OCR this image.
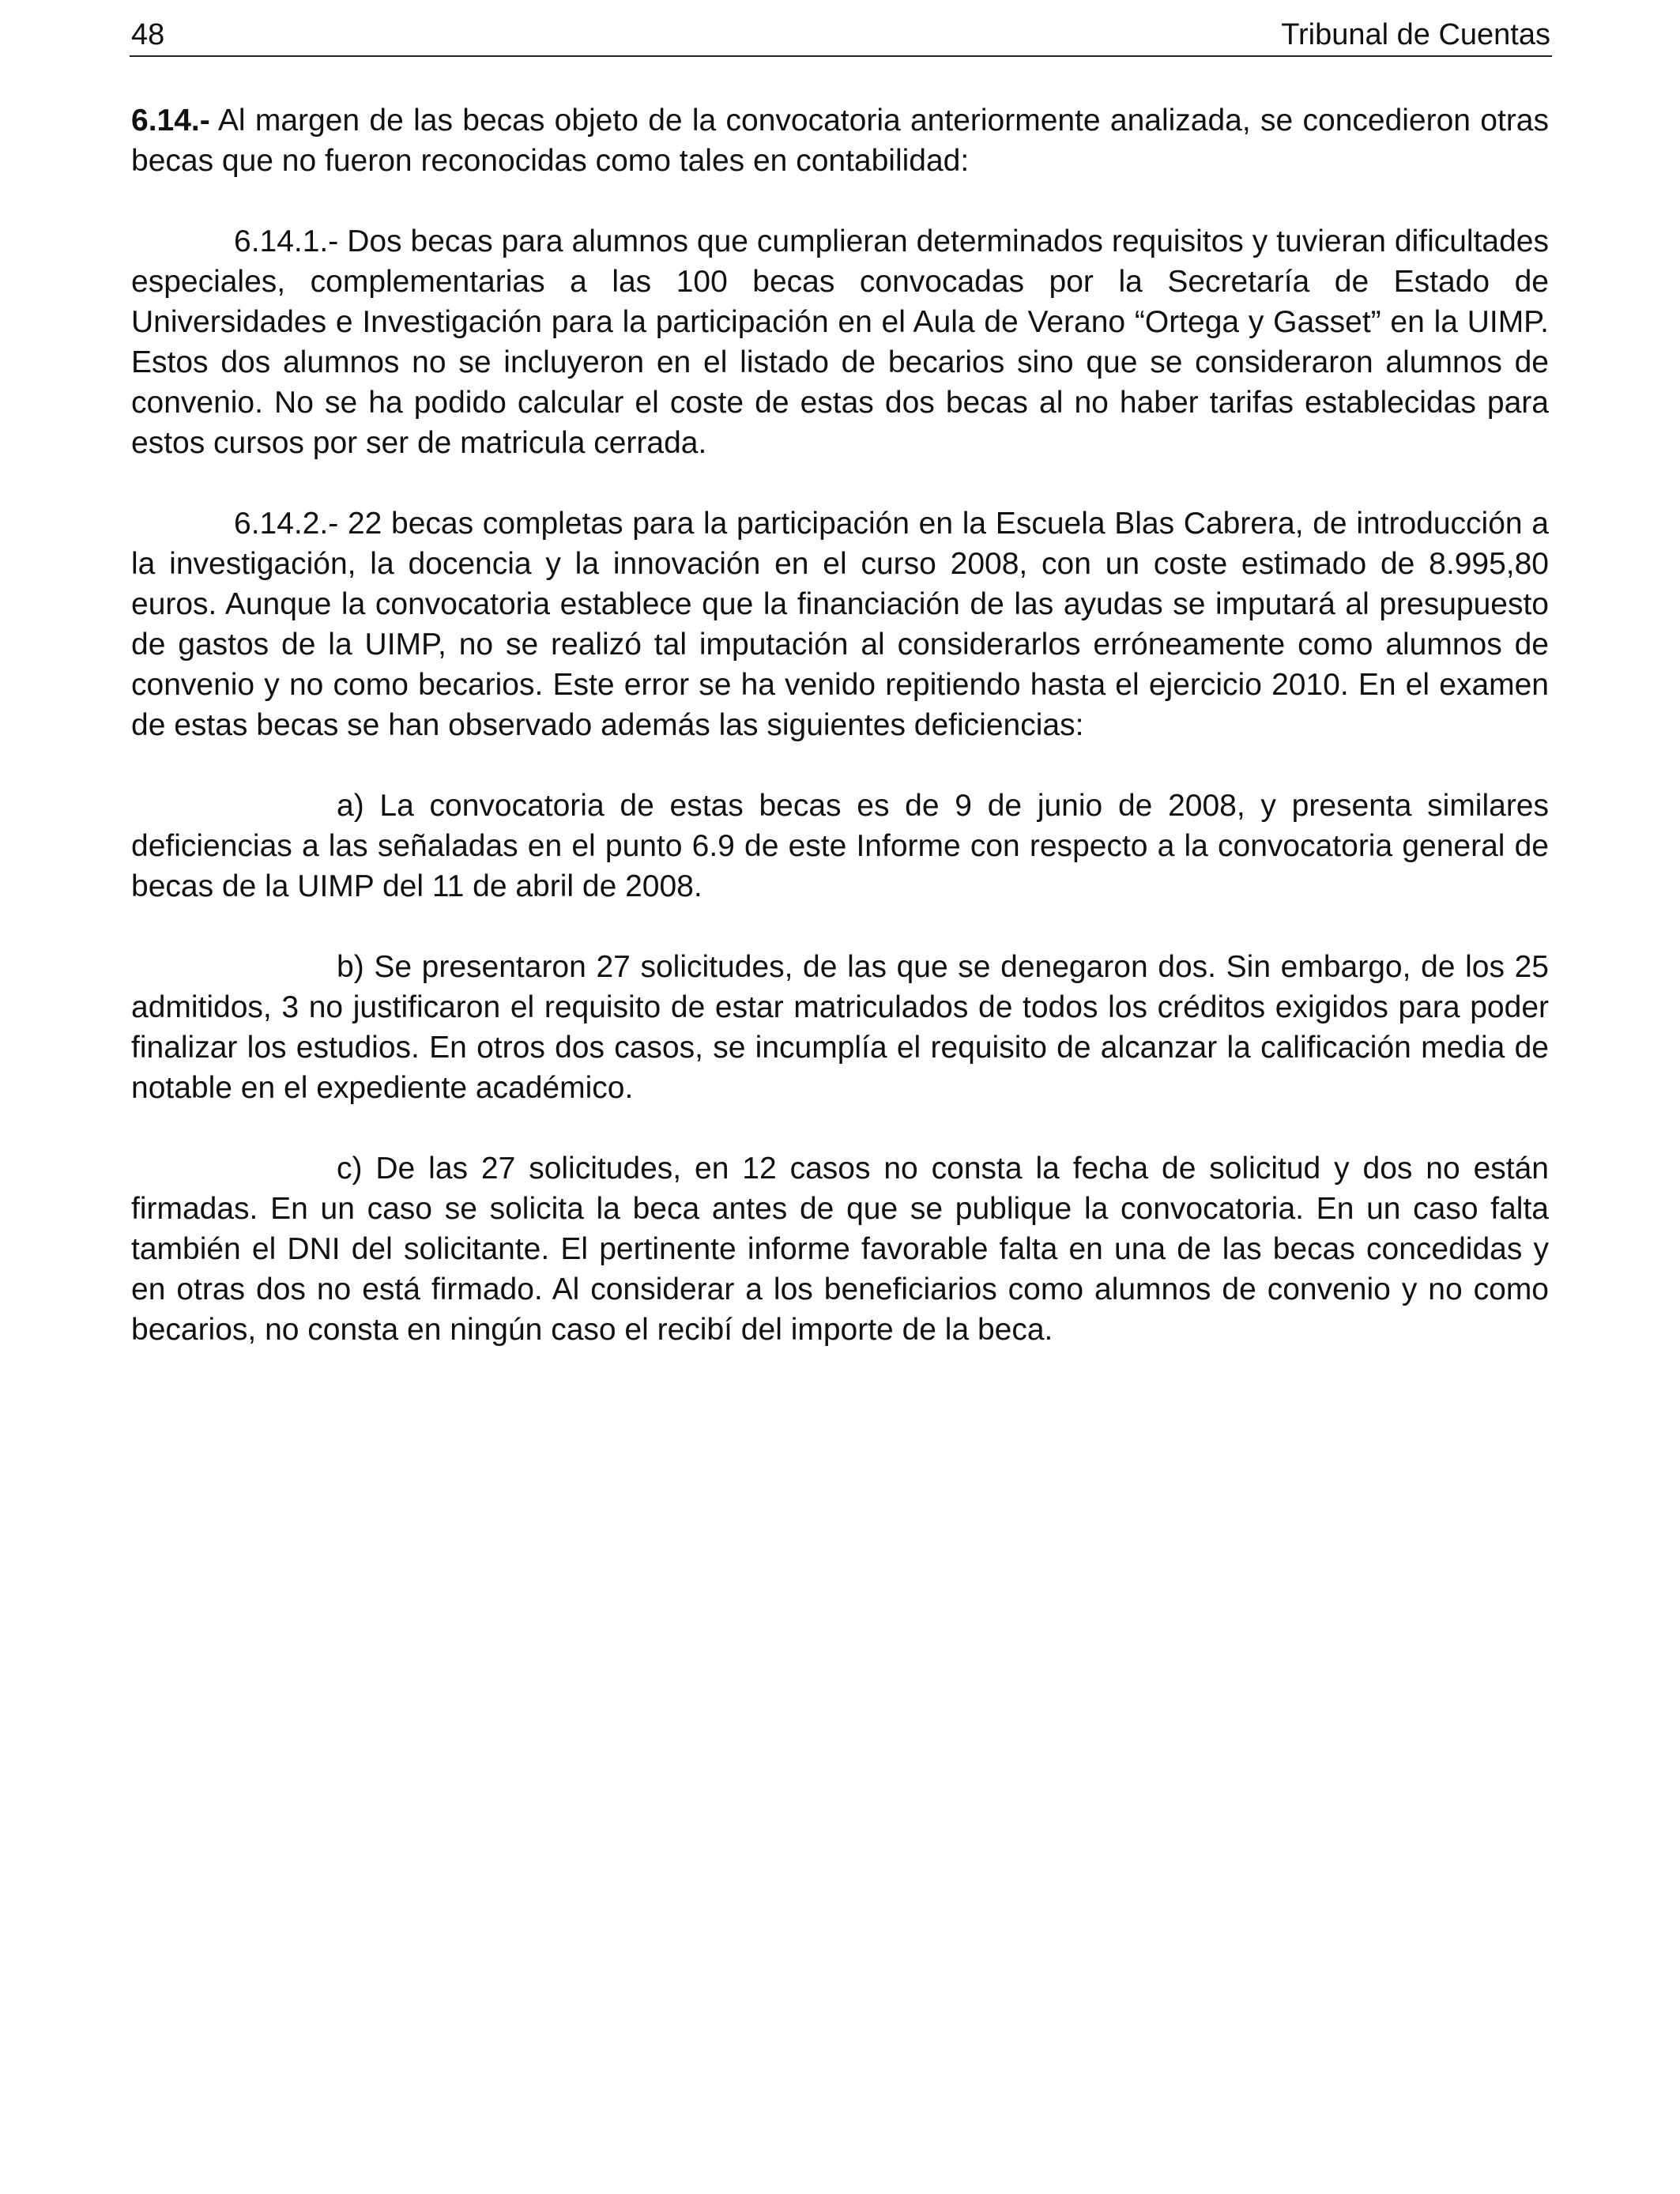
48	Tribunal de Cuentas

6.14.- Al margen de las becas objeto de la convocatoria anteriormente analizada, se concedieron otras becas que no fueron reconocidas como tales en contabilidad:

6.14.1.- Dos becas para alumnos que cumplieran determinados requisitos y tuvieran dificultades especiales, complementarias a las 100 becas convocadas por la Secretaría de Estado de Universidades e Investigación para la participación en el Aula de Verano “Ortega y Gasset” en la UIMP. Estos dos alumnos no se incluyeron en el listado de becarios sino que se consideraron alumnos de convenio. No se ha podido calcular el coste de estas dos becas al no haber tarifas establecidas para estos cursos por ser de matricula cerrada.

6.14.2.- 22 becas completas para la participación en la Escuela Blas Cabrera, de introducción a la investigación, la docencia y la innovación en el curso 2008, con un coste estimado de 8.995,80 euros. Aunque la convocatoria establece que la financiación de las ayudas se imputará al presupuesto de gastos de la UIMP, no se realizó tal imputación al considerarlos erróneamente como alumnos de convenio y no como becarios. Este error se ha venido repitiendo hasta el ejercicio 2010. En el examen de estas becas se han observado además las siguientes deficiencias:

a) La convocatoria de estas becas es de 9 de junio de 2008, y presenta similares deficiencias a las señaladas en el punto 6.9 de este Informe con respecto a la convocatoria general de becas de la UIMP del 11 de abril de 2008.

b) Se presentaron 27 solicitudes, de las que se denegaron dos. Sin embargo, de los 25 admitidos, 3 no justificaron el requisito de estar matriculados de todos los créditos exigidos para poder finalizar los estudios. En otros dos casos, se incumplía el requisito de alcanzar la calificación media de notable en el expediente académico.

c) De las 27 solicitudes, en 12 casos no consta la fecha de solicitud y dos no están firmadas. En un caso se solicita la beca antes de que se publique la convocatoria. En un caso falta también el DNI del solicitante. El pertinente informe favorable falta en una de las becas concedidas y en otras dos no está firmado. Al considerar a los beneficiarios como alumnos de convenio y no como becarios, no consta en ningún caso el recibí del importe de la beca.
